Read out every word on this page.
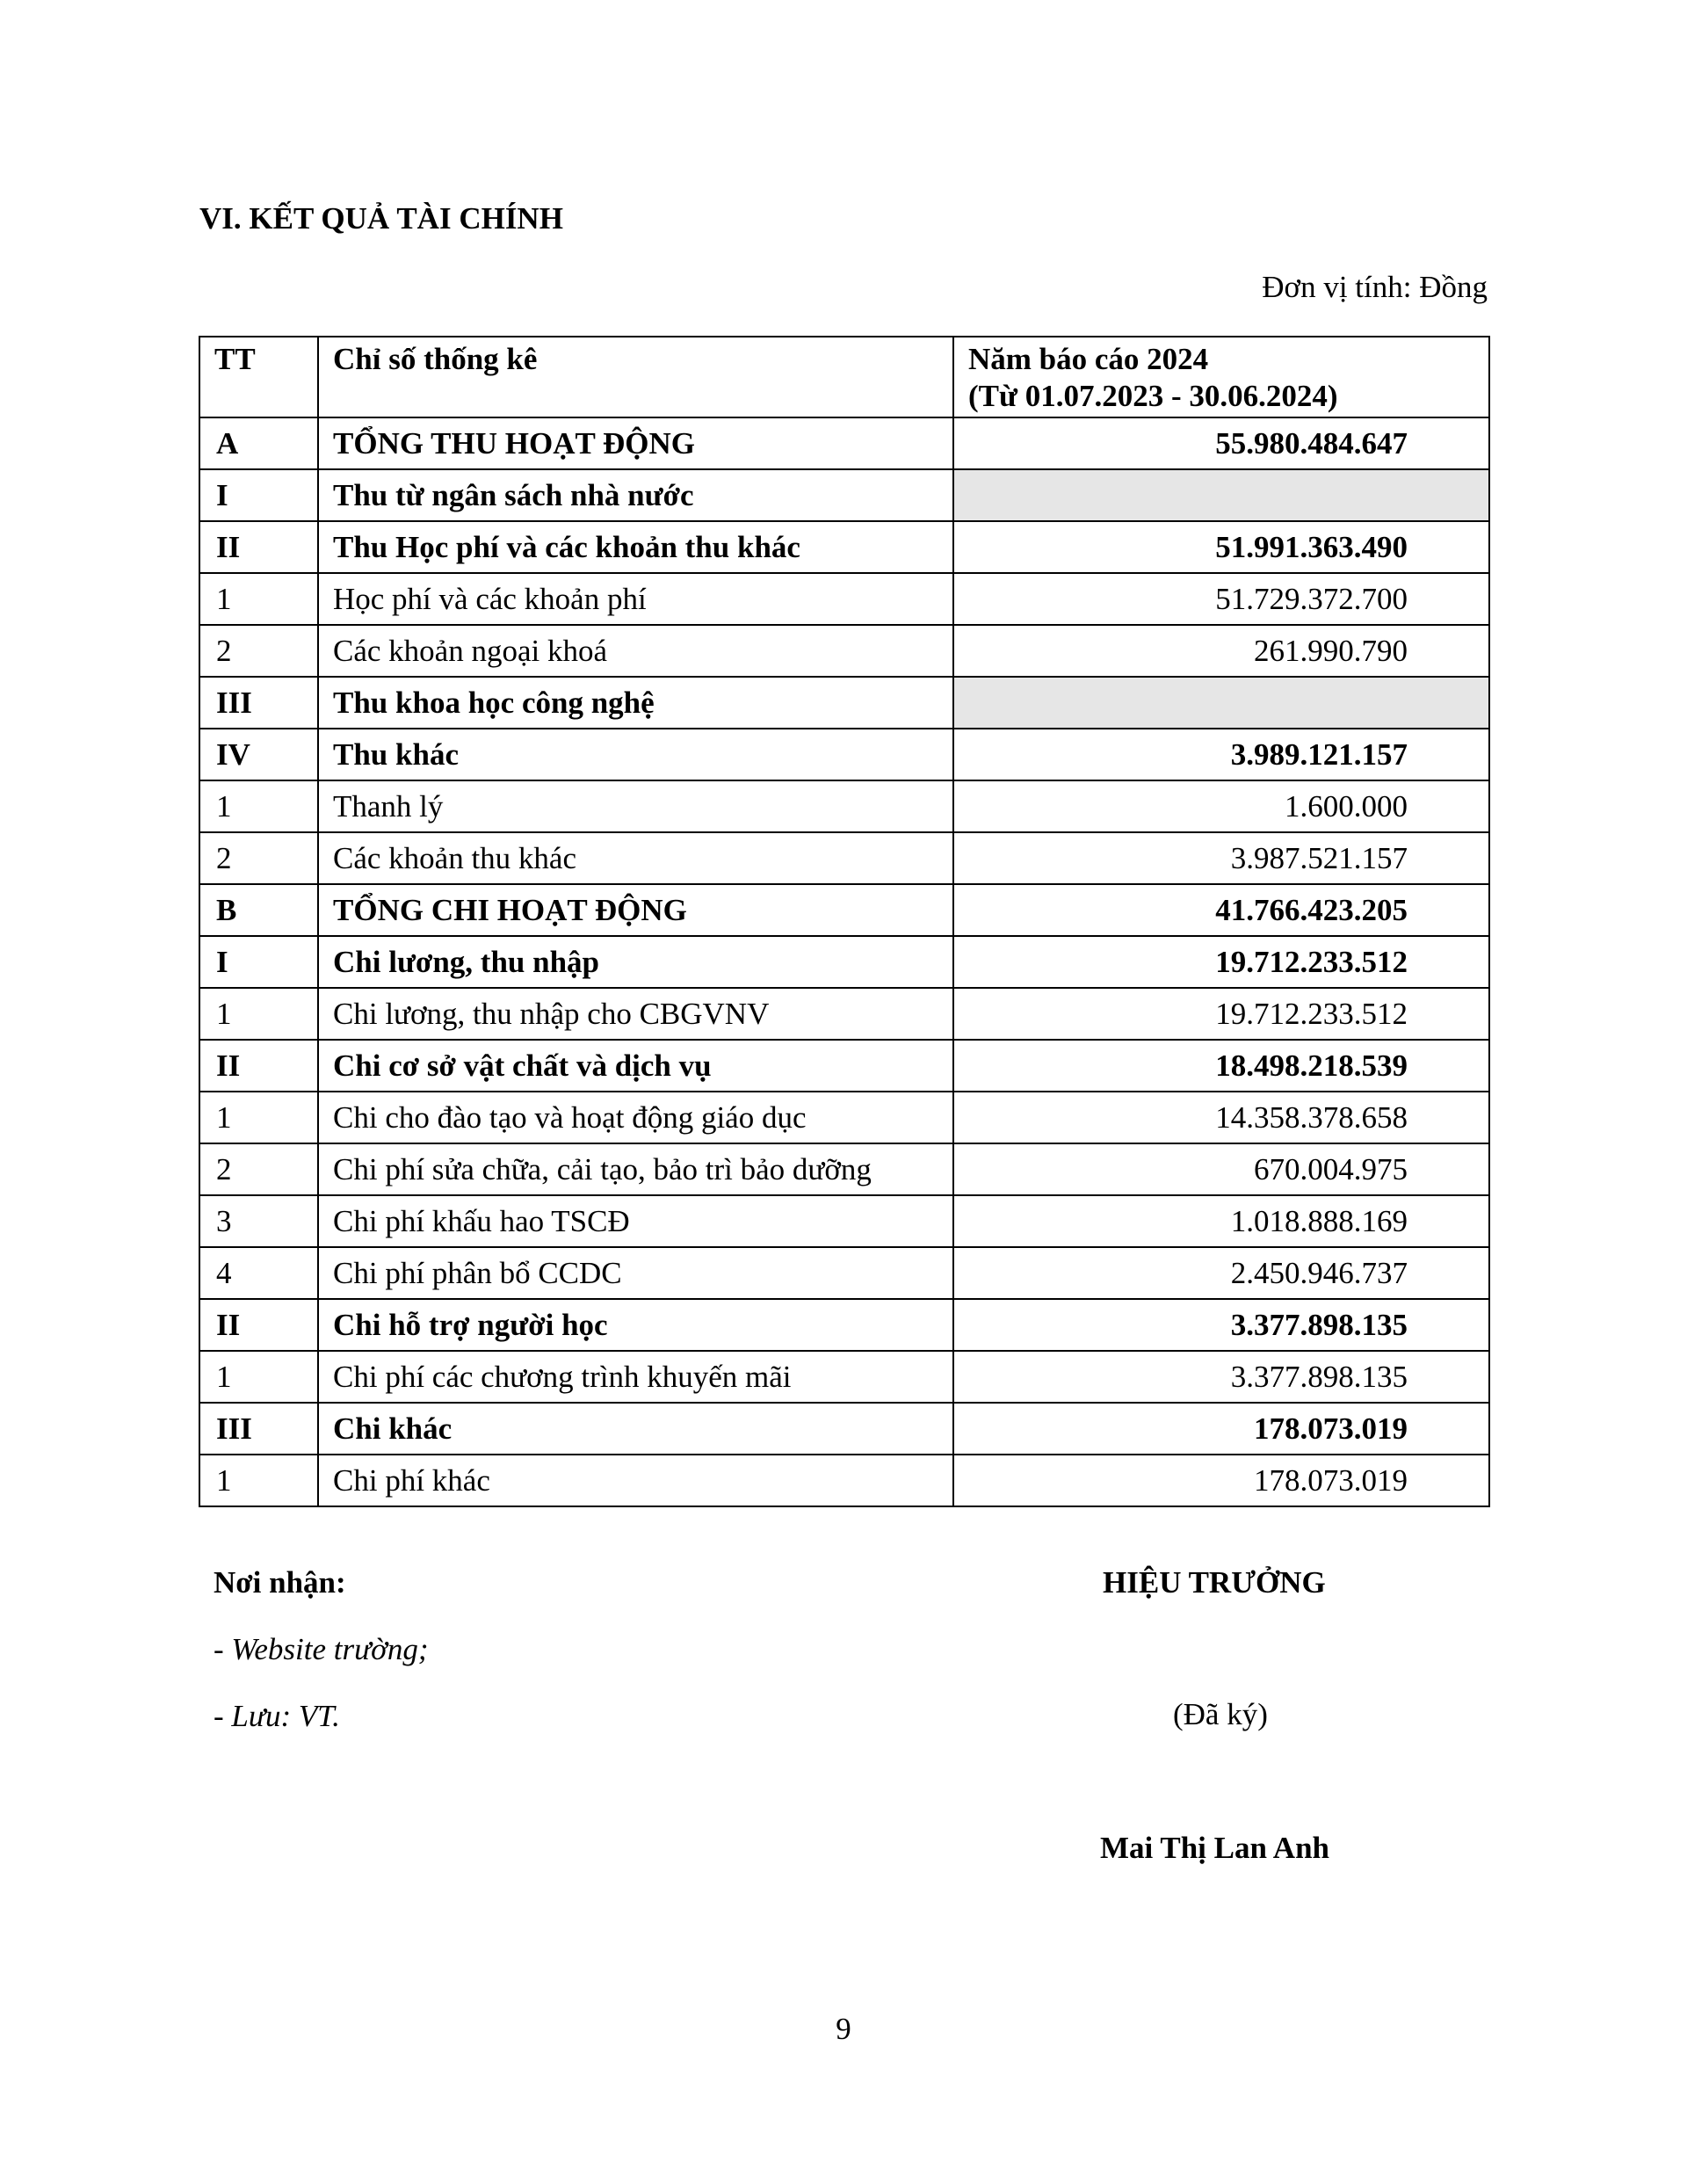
VI. KẾT QUẢ TÀI CHÍNH
Đơn vị tính: Đồng
TT	Chỉ số thống kê	Năm báo cáo 2024
(Từ 01.07.2023 - 30.06.2024)

A	TỔNG THU HOẠT ĐỘNG	55.980.484.647
I	Thu từ ngân sách nhà nước	
II	Thu Học phí và các khoản thu khác	51.991.363.490
1	Học phí và các khoản phí	51.729.372.700
2	Các khoản ngoại khoá	261.990.790
III	Thu khoa học công nghệ	
IV	Thu khác	3.989.121.157
1	Thanh lý	1.600.000
2	Các khoản thu khác	3.987.521.157
B	TỔNG CHI HOẠT ĐỘNG	41.766.423.205
I	Chi lương, thu nhập	19.712.233.512
1	Chi lương, thu nhập cho CBGVNV	19.712.233.512
II	Chi cơ sở vật chất và dịch vụ	18.498.218.539
1	Chi cho đào tạo và hoạt động giáo dục	14.358.378.658
2	Chi phí sửa chữa, cải tạo, bảo trì bảo dưỡng	670.004.975
3	Chi phí khấu hao TSCĐ	1.018.888.169
4	Chi phí phân bổ CCDC	2.450.946.737
II	Chi hỗ trợ người học	3.377.898.135
1	Chi phí các chương trình khuyến mãi	3.377.898.135
III	Chi khác	178.073.019
1	Chi phí khác	178.073.019
Nơi nhận:
- Website trường;
- Lưu: VT.
HIỆU TRƯỞNG
(Đã ký)
Mai Thị Lan Anh
9
